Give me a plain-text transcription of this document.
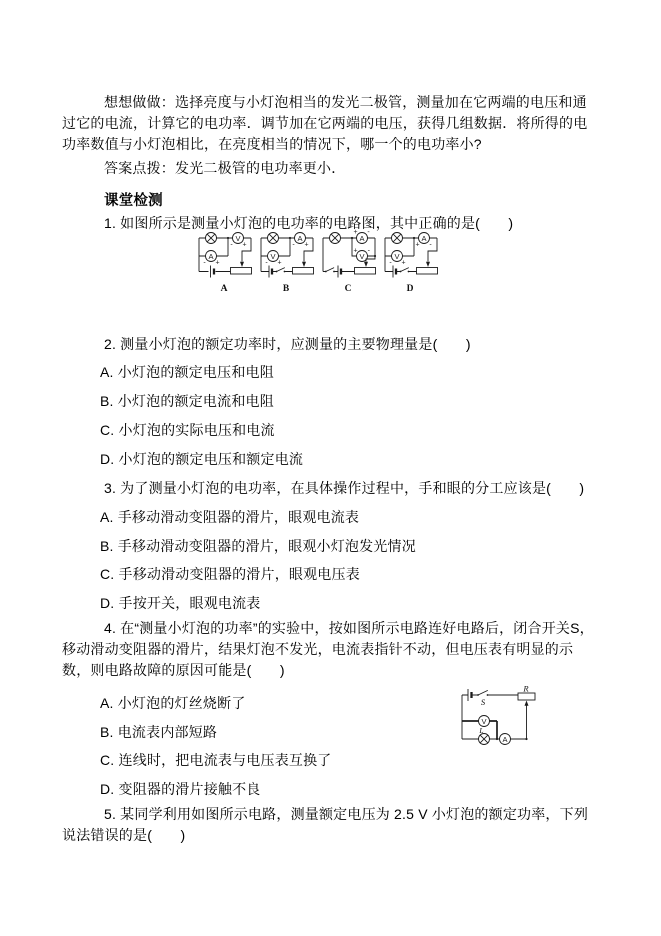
想想做做：选择亮度与小灯泡相当的发光二极管，测量加在它两端的电压和通过它的电流，计算它的电功率．调节加在它两端的电压，获得几组数据．将所得的电功率数值与小灯泡相比，在亮度相当的情况下，哪一个的电功率小?

答案点拨：发光二极管的电功率更小．

课堂检测

1. 如图所示是测量小灯泡的电功率的电路图，其中正确的是(　　)

V
- +
A
- +
A
A
- +
V
- +
B
A
+ -
V
+ -
C
A
+ -
V
- +
D

2. 测量小灯泡的额定功率时，应测量的主要物理量是(　　)

A. 小灯泡的额定电压和电阻

B. 小灯泡的额定电流和电阻

C. 小灯泡的实际电压和电流

D. 小灯泡的额定电压和额定电流

3. 为了测量小灯泡的电功率，在具体操作过程中，手和眼的分工应该是(　　)

A. 手移动滑动变阻器的滑片，眼观电流表

B. 手移动滑动变阻器的滑片，眼观小灯泡发光情况

C. 手移动滑动变阻器的滑片，眼观电压表

D. 手按开关，眼观电流表

4. 在“测量小灯泡的功率”的实验中，按如图所示电路连好电路后，闭合开关S，移动滑动变阻器的滑片，结果灯泡不发光，电流表指针不动，但电压表有明显的示数，则电路故障的原因可能是(　　)

A. 小灯泡的灯丝烧断了

B. 电流表内部短路

C. 连线时，把电流表与电压表互换了

D. 变阻器的滑片接触不良

S
R
V
L
A

5. 某同学利用如图所示电路，测量额定电压为 2.5 V 小灯泡的额定功率，下列说法错误的是(　　)
